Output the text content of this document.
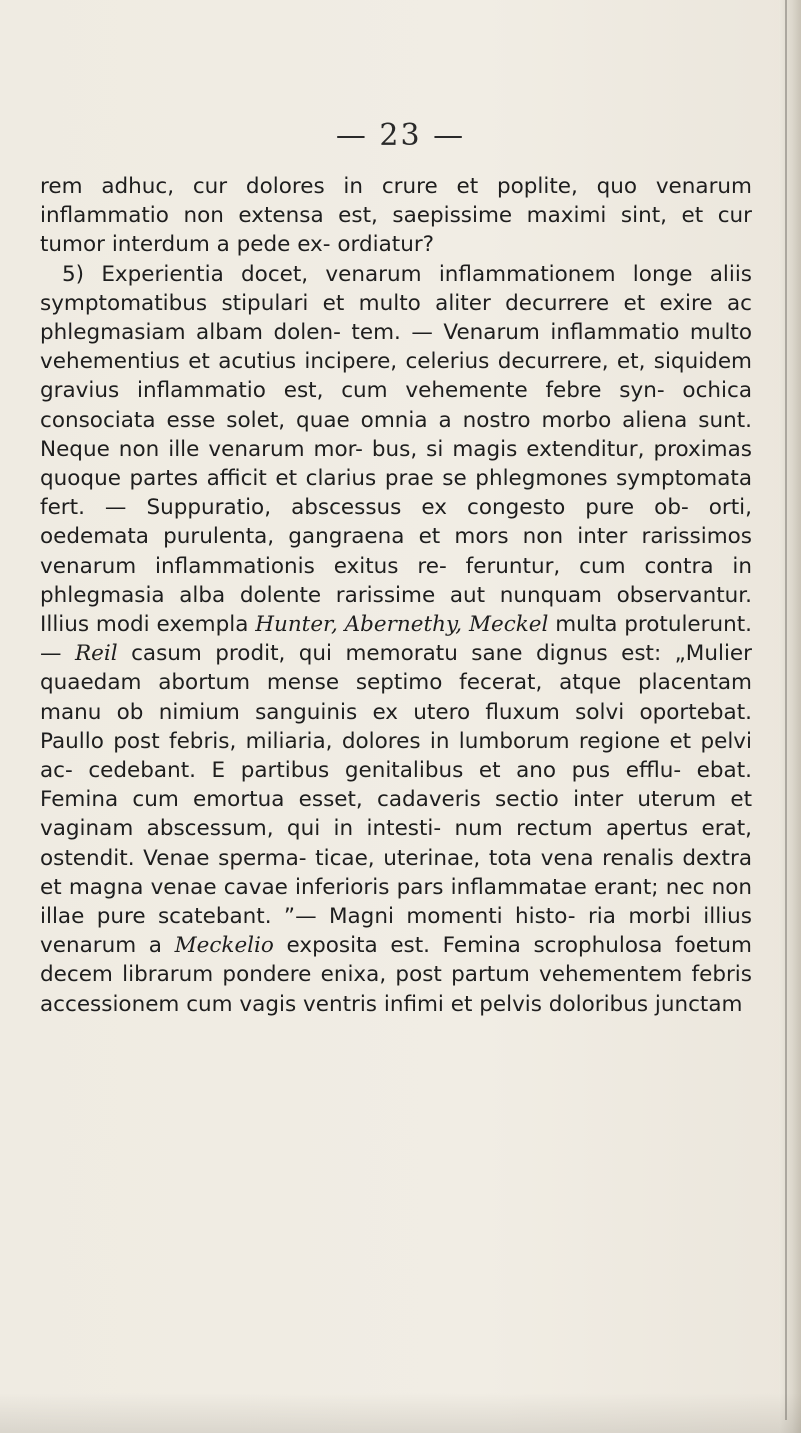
— 23 —

rem adhuc, cur dolores in crure et poplite, quo venarum inflammatio non extensa est, saepissime maximi sint, et cur tumor interdum a pede ex- ordiatur?

5) Experientia docet, venarum inflammationem longe aliis symptomatibus stipulari et multo aliter decurrere et exire ac phlegmasiam albam dolen- tem. — Venarum inflammatio multo vehementius et acutius incipere, celerius decurrere, et, siquidem gravius inflammatio est, cum vehemente febre syn- ochica consociata esse solet, quae omnia a nostro morbo aliena sunt. Neque non ille venarum mor- bus, si magis extenditur, proximas quoque partes afficit et clarius prae se phlegmones symptomata fert. — Suppuratio, abscessus ex congesto pure ob- orti, oedemata purulenta, gangraena et mors non inter rarissimos venarum inflammationis exitus re- feruntur, cum contra in phlegmasia alba dolente rarissime aut nunquam observantur. Illius modi exempla Hunter, Abernethy, Meckel multa protulerunt. — Reil casum prodit, qui memoratu sane dignus est: „Mulier quaedam abortum mense septimo fecerat, atque placentam manu ob nimium sanguinis ex utero fluxum solvi oportebat. Paullo post febris, miliaria, dolores in lumborum regione et pelvi ac- cedebant. E partibus genitalibus et ano pus efflu- ebat. Femina cum emortua esset, cadaveris sectio inter uterum et vaginam abscessum, qui in intesti- num rectum apertus erat, ostendit. Venae sperma- ticae, uterinae, tota vena renalis dextra et magna venae cavae inferioris pars inflammatae erant; nec non illae pure scatebant. ”— Magni momenti histo- ria morbi illius venarum a Meckelio exposita est. Femina scrophulosa foetum decem librarum pondere enixa, post partum vehementem febris accessionem cum vagis ventris infimi et pelvis doloribus junctam
